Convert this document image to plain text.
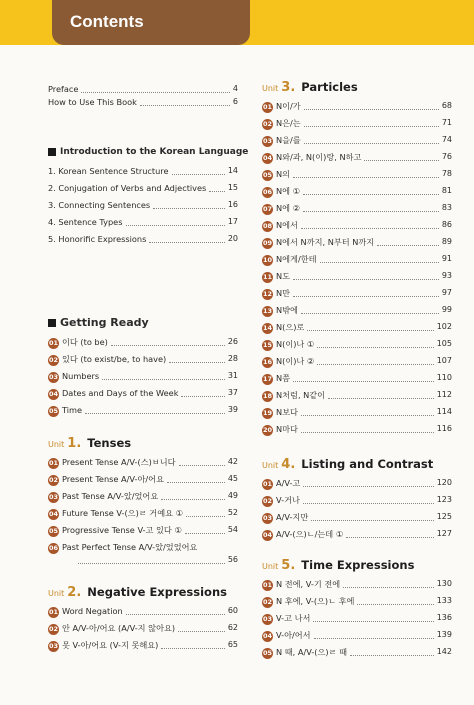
Contents
Preface	4
How to Use This Book	6
Introduction to the Korean Language
1. Korean Sentence Structure	14
2. Conjugation of Verbs and Adjectives	15
3. Connecting Sentences	16
4. Sentence Types	17
5. Honorific Expressions	20
Getting Ready
01 이다 (to be)	26
02 있다 (to exist/be, to have)	28
03 Numbers	31
04 Dates and Days of the Week	37
05 Time	39
Unit 1 . Tenses
01 Present Tense A/V-(스)ㅂ니다	42
02 Present Tense A/V-아/어요	45
03 Past Tense A/V-았/었어요	49
04 Future Tense V-(으)ㄹ 거예요 ①	52
05 Progressive Tense V-고 있다 ①	54
06 Past Perfect Tense A/V-았/었었어요
56
Unit 2 . Negative Expressions
01 Word Negation	60
02 안 A/V-아/어요 (A/V-지 않아요)	62
03 못 V-아/어요 (V-지 못해요)	65
Unit 3 . Particles
01 N이/가	68
02 N은/는	71
03 N을/를	74
04 N와/과, N(이)랑, N하고	76
05 N의	78
06 N에 ①	81
07 N에 ②	83
08 N에서	86
09 N에서 N까지, N부터 N까지	89
10 N에게/한테	91
11 N도	93
12 N만	97
13 N밖에	99
14 N(으)로	102
15 N(이)나 ①	105
16 N(이)나 ②	107
17 N쯤	110
18 N처럼, N같이	112
19 N보다	114
20 N마다	116
Unit 4 . Listing and Contrast
01 A/V-고	120
02 V-거나	123
03 A/V-지만	125
04 A/V-(으)ㄴ/는데 ①	127
Unit 5 . Time Expressions
01 N 전에, V-기 전에	130
02 N 후에, V-(으)ㄴ 후에	133
03 V-고 나서	136
04 V-아/어서	139
05 N 때, A/V-(으)ㄹ 때	142
